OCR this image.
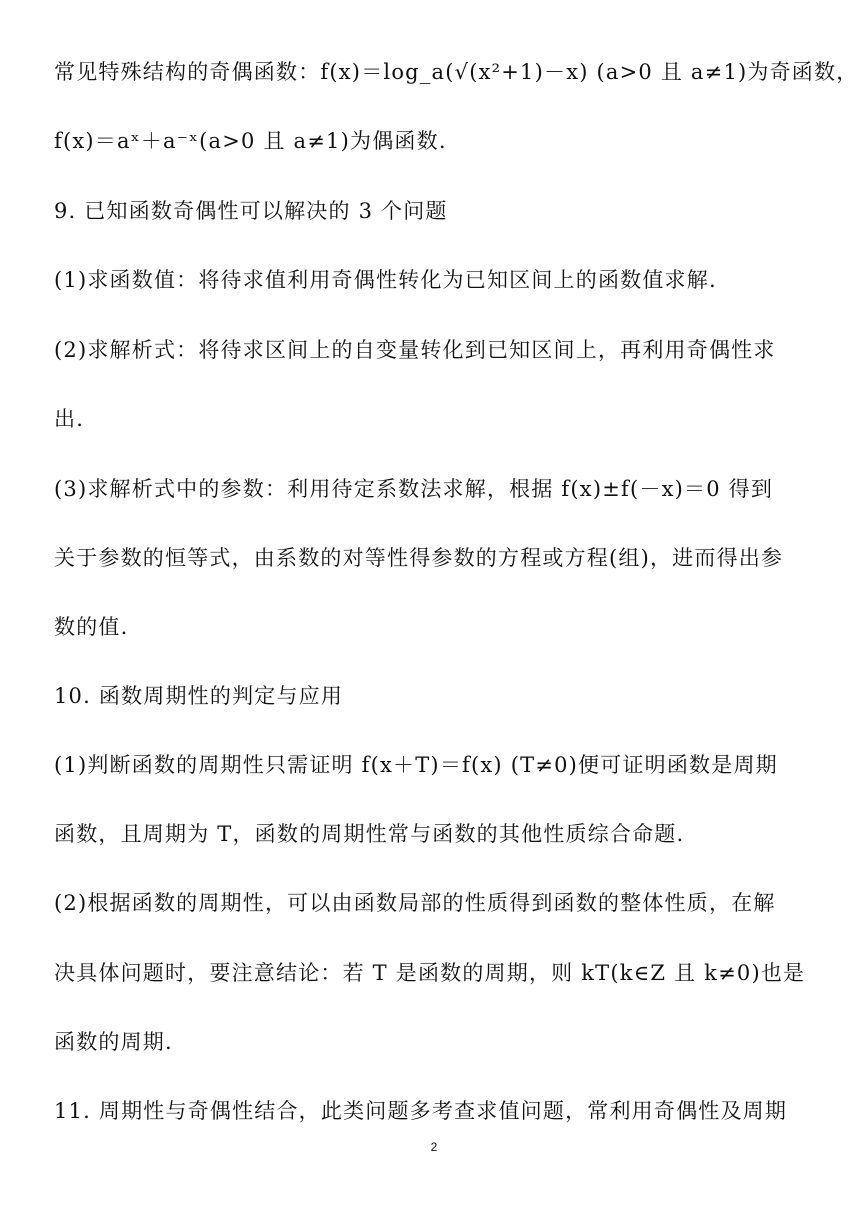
常见特殊结构的奇偶函数：f(x)＝log_a(√(x²+1)－x) (a>0 且 a≠1)为奇函数，
f(x)＝aˣ＋a⁻ˣ(a>0 且 a≠1)为偶函数.
9. 已知函数奇偶性可以解决的 3 个问题
(1)求函数值：将待求值利用奇偶性转化为已知区间上的函数值求解.
(2)求解析式：将待求区间上的自变量转化到已知区间上，再利用奇偶性求
出.
(3)求解析式中的参数：利用待定系数法求解，根据 f(x)±f(－x)＝0 得到
关于参数的恒等式，由系数的对等性得参数的方程或方程(组)，进而得出参
数的值.
10. 函数周期性的判定与应用
(1)判断函数的周期性只需证明 f(x＋T)＝f(x) (T≠0)便可证明函数是周期
函数，且周期为 T，函数的周期性常与函数的其他性质综合命题.
(2)根据函数的周期性，可以由函数局部的性质得到函数的整体性质，在解
决具体问题时，要注意结论：若 T 是函数的周期，则 kT(k∈Z 且 k≠0)也是
函数的周期.
11. 周期性与奇偶性结合，此类问题多考查求值问题，常利用奇偶性及周期
2
